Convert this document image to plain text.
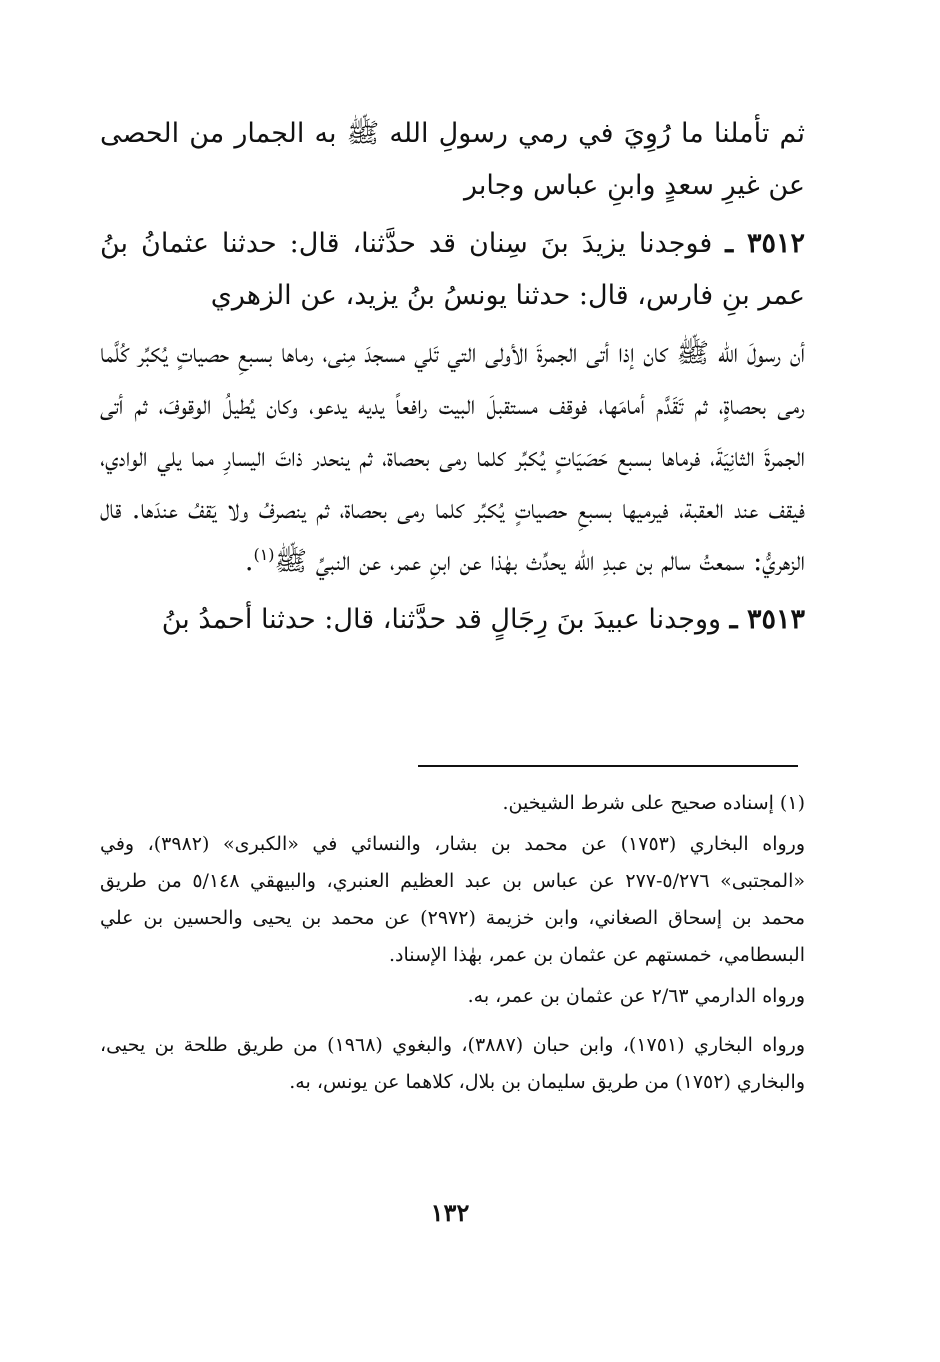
ثم تأملنا ما رُوِيَ في رمي رسولِ الله ﷺ به الجمار من الحصى عن غيرِ سعدٍ وابنِ عباس وجابر

٣٥١٢ ـ فوجدنا يزيدَ بنَ سِنان قد حدَّثنا، قال: حدثنا عثمانُ بنُ عمر بنِ فارس، قال: حدثنا يونسُ بنُ يزيد، عن الزهري

أن رسولَ الله ﷺ كان إذا أتى الجمرةَ الأولى التي تَلي مسجدَ مِنى، رماها بسبعِ حصياتٍ يُكبِّر كُلَّما رمى بحصاةٍ، ثم تَقَدَّم أمامَها، فوقف مستقبلَ البيت رافعاً يديه يدعو، وكان يُطيلُ الوقوفَ، ثم أتى الجمرةَ الثانِيَةَ، فرماها بسبع حَصَيَاتٍ يُكبِّر كلما رمى بحصاة، ثم ينحدر ذاتَ اليسارِ مما يلي الوادي، فيقف عند العقبة، فيرميها بسبعِ حصياتٍ يُكبِّر كلما رمى بحصاة، ثم ينصرفُ ولا يَقفُ عندَها. قال الزهريُّ: سمعتُ سالم بن عبدِ الله يحدِّث بهٰذا عن ابنِ عمر، عن النبيِّ ﷺ$^{(١)}$.

٣٥١٣ ـ ووجدنا عبيدَ بنَ رِجَالٍ قد حدَّثنا، قال: حدثنا أحمدُ بنُ

(١) إسناده صحيح على شرط الشيخين.

ورواه البخاري (١٧٥٣) عن محمد بن بشار، والنسائي في «الكبرى» (٣٩٨٢)، وفي «المجتبى» ٥/٢٧٦-٢٧٧ عن عباس بن عبد العظيم العنبري، والبيهقي ٥/١٤٨ من طريق محمد بن إسحاق الصغاني، وابن خزيمة (٢٩٧٢) عن محمد بن يحيى والحسين بن علي البسطامي، خمستهم عن عثمان بن عمر، بهٰذا الإسناد.

ورواه الدارمي ٢/٦٣ عن عثمان بن عمر، به.

ورواه البخاري (١٧٥١)، وابن حبان (٣٨٨٧)، والبغوي (١٩٦٨) من طريق طلحة بن يحيى، والبخاري (١٧٥٢) من طريق سليمان بن بلال، كلاهما عن يونس، به.

١٣٢
